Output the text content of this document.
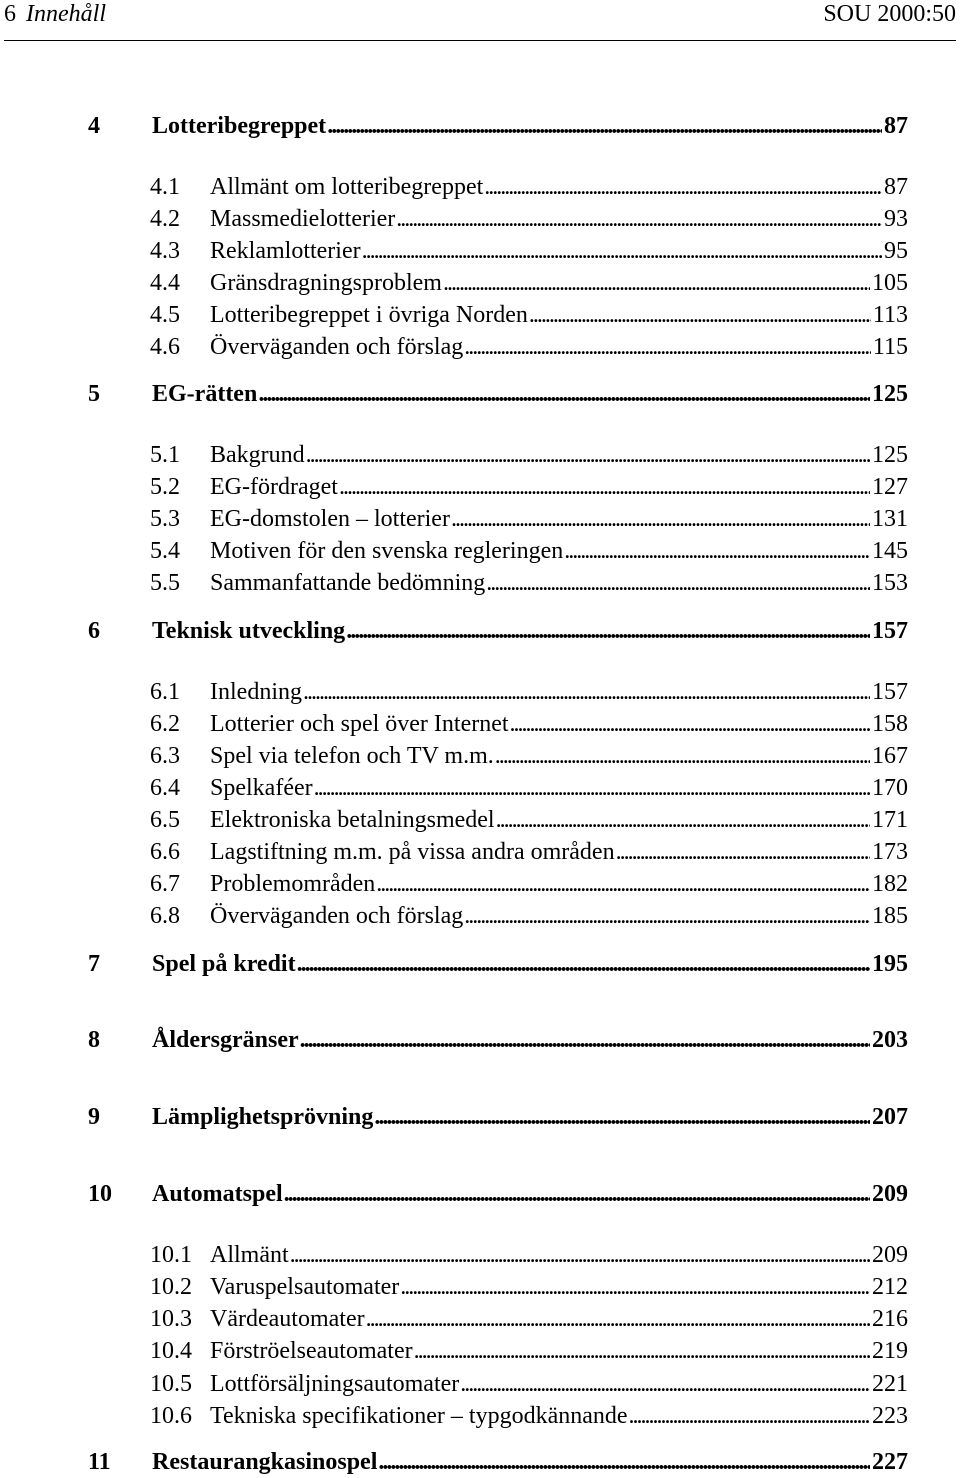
6 Innehåll	SOU 2000:50
4 Lotteribegreppet . . .	87
4.1 Allmänt om lotteribegreppet . . .	87
4.2 Massmedielotterier . . .	93
4.3 Reklamlotterier . . .	95
4.4 Gränsdragningsproblem . . .	105
4.5 Lotteribegreppet i övriga Norden . . .	113
4.6 Överväganden och förslag . . .	115
5 EG-rätten . . .	125
5.1 Bakgrund . . .	125
5.2 EG-fördraget . . .	127
5.3 EG-domstolen – lotterier . . .	131
5.4 Motiven för den svenska regleringen . . .	145
5.5 Sammanfattande bedömning . . .	153
6 Teknisk utveckling . . .	157
6.1 Inledning . . .	157
6.2 Lotterier och spel över Internet . . .	158
6.3 Spel via telefon och TV m.m. . . .	167
6.4 Spelkaféer . . .	170
6.5 Elektroniska betalningsmedel . . .	171
6.6 Lagstiftning m.m. på vissa andra områden . . .	173
6.7 Problemområden . . .	182
6.8 Överväganden och förslag . . .	185
7 Spel på kredit . . .	195
8 Åldersgränser . . .	203
9 Lämplighetsprövning . . .	207
10 Automatspel . . .	209
10.1 Allmänt . . .	209
10.2 Varuspelsautomater . . .	212
10.3 Värdeautomater . . .	216
10.4 Förströelseautomater . . .	219
10.5 Lottförsäljningsautomater . . .	221
10.6 Tekniska specifikationer – typgodkännande . . .	223
11 Restaurangkasinospel . . .	227
